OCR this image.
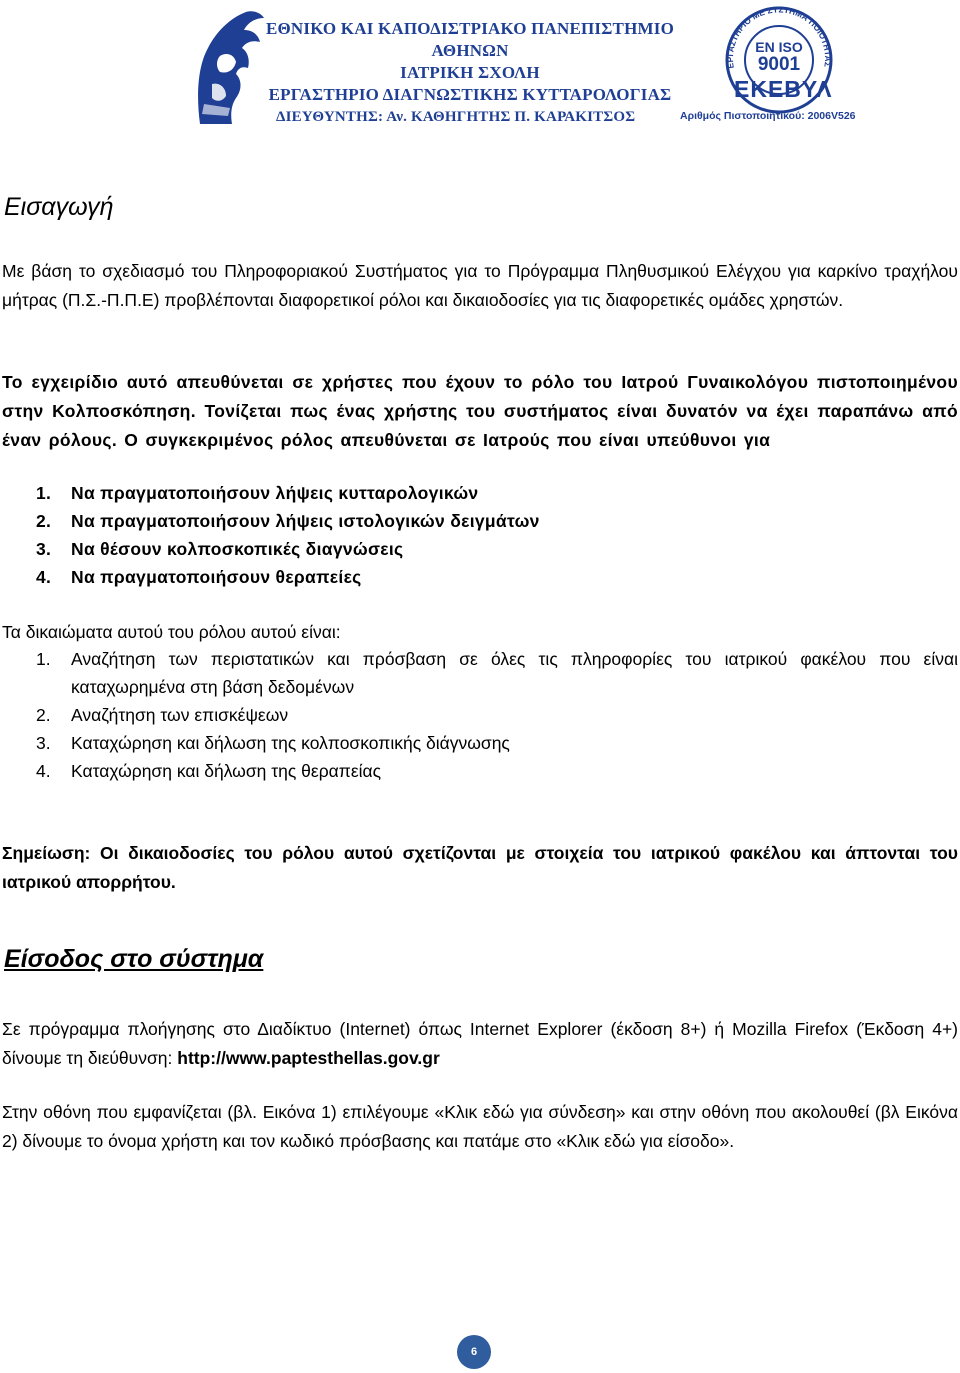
ΕΘΝΙΚΟ ΚΑΙ ΚΑΠΟΔΙΣΤΡΙΑΚΟ ΠΑΝΕΠΙΣΤΗΜΙΟ
ΑΘΗΝΩΝ
ΙΑΤΡΙΚΗ ΣΧΟΛΗ
ΕΡΓΑΣΤΗΡΙΟ ΔΙΑΓΝΩΣΤΙΚΗΣ ΚΥΤΤΑΡΟΛΟΓΙΑΣ
ΔΙΕΥΘΥΝΤΗΣ: Αν. ΚΑΘΗΓΗΤΗΣ Π. ΚΑΡΑΚΙΤΣΟΣ
ΕΡΓΑΣΤΗΡΙΟ ΜΕ ΣΥΣΤΗΜΑ ΠΟΙΟΤΗΤΑΣ
EN ISO
9001
ΕΚΕΒΥΛ
Αριθμός Πιστοποιητικού: 2006V526
Εισαγωγή
Με βάση το σχεδιασμό του Πληροφοριακού Συστήματος για το Πρόγραμμα Πληθυσμικού Ελέγχου για καρκίνο τραχήλου μήτρας (Π.Σ.-Π.Π.Ε) προβλέπονται διαφορετικοί ρόλοι και δικαιοδοσίες για τις διαφορετικές ομάδες χρηστών.
Το εγχειρίδιο αυτό απευθύνεται σε χρήστες που έχουν το ρόλο του Ιατρού Γυναικολόγου πιστοποιημένου στην Κολποσκόπηση. Τονίζεται πως ένας χρήστης του συστήματος είναι δυνατόν να έχει παραπάνω από έναν ρόλους. Ο συγκεκριμένος ρόλος απευθύνεται σε Ιατρούς που είναι υπεύθυνοι για
1. Να πραγματοποιήσουν λήψεις κυτταρολογικών
2. Να πραγματοποιήσουν λήψεις ιστολογικών δειγμάτων
3. Να θέσουν κολποσκοπικές διαγνώσεις
4. Να πραγματοποιήσουν θεραπείες
Τα δικαιώματα αυτού του ρόλου αυτού είναι:
1. Αναζήτηση των περιστατικών και πρόσβαση σε όλες τις πληροφορίες του ιατρικού φακέλου που είναι καταχωρημένα στη βάση δεδομένων
2. Αναζήτηση των επισκέψεων
3. Καταχώρηση και δήλωση της κολποσκοπικής διάγνωσης
4. Καταχώρηση και δήλωση της θεραπείας
Σημείωση: Οι δικαιοδοσίες του ρόλου αυτού σχετίζονται με στοιχεία του ιατρικού φακέλου και άπτονται του ιατρικού απορρήτου.
Είσοδος στο σύστημα
Σε πρόγραμμα πλοήγησης στο Διαδίκτυο (Internet) όπως Internet Explorer (έκδοση 8+) ή Mozilla Firefox (Έκδοση 4+) δίνουμε τη διεύθυνση: http://www.paptesthellas.gov.gr
Στην οθόνη που εμφανίζεται (βλ. Εικόνα 1) επιλέγουμε «Κλικ εδώ για σύνδεση» και στην οθόνη που ακολουθεί (βλ Εικόνα 2) δίνουμε το όνομα χρήστη και τον κωδικό πρόσβασης και πατάμε στο «Κλικ εδώ για είσοδο».
6
